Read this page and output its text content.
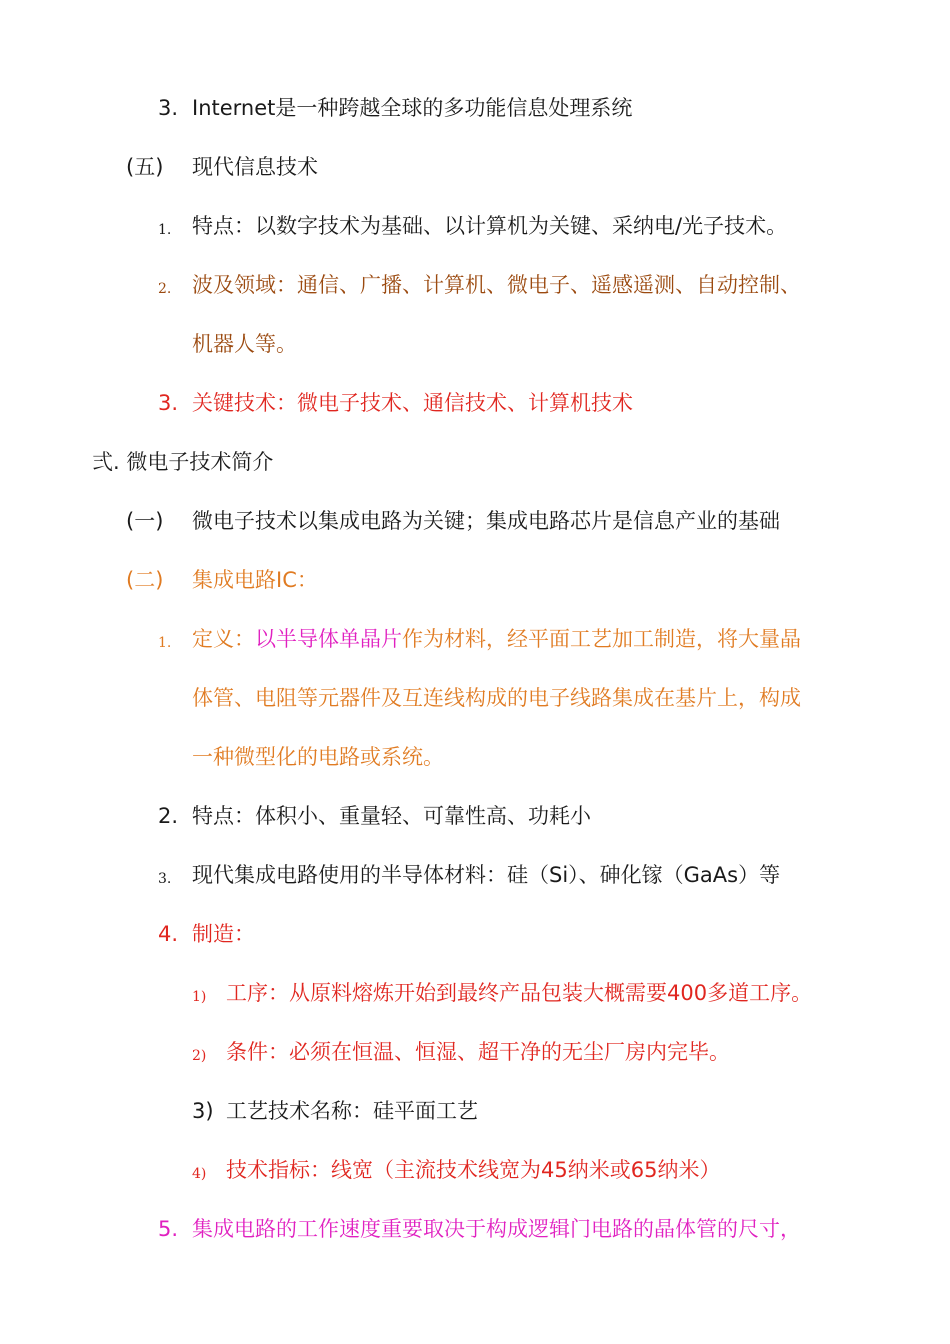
3. Internet是一种跨越全球的多功能信息处理系统
(五) 现代信息技术
1. 特点：以数字技术为基础、以计算机为关键、采纳电/光子技术。
2. 波及领域：通信、广播、计算机、微电子、遥感遥测、自动控制、
机器人等。
3. 关键技术：微电子技术、通信技术、计算机技术
弍. 微电子技术简介
(一) 微电子技术以集成电路为关键；集成电路芯片是信息产业的基础
(二) 集成电路IC：
1. 定义：以半导体单晶片作为材料，经平面工艺加工制造，将大量晶
体管、电阻等元器件及互连线构成的电子线路集成在基片上，构成
一种微型化的电路或系统。
2. 特点：体积小、重量轻、可靠性高、功耗小
3. 现代集成电路使用的半导体材料：硅（Si）、砷化镓（GaAs）等
4. 制造：
1) 工序：从原料熔炼开始到最终产品包装大概需要400多道工序。
2) 条件：必须在恒温、恒湿、超干净的无尘厂房内完毕。
3) 工艺技术名称：硅平面工艺
4) 技术指标：线宽（主流技术线宽为45纳米或65纳米）
5. 集成电路的工作速度重要取决于构成逻辑门电路的晶体管的尺寸，
